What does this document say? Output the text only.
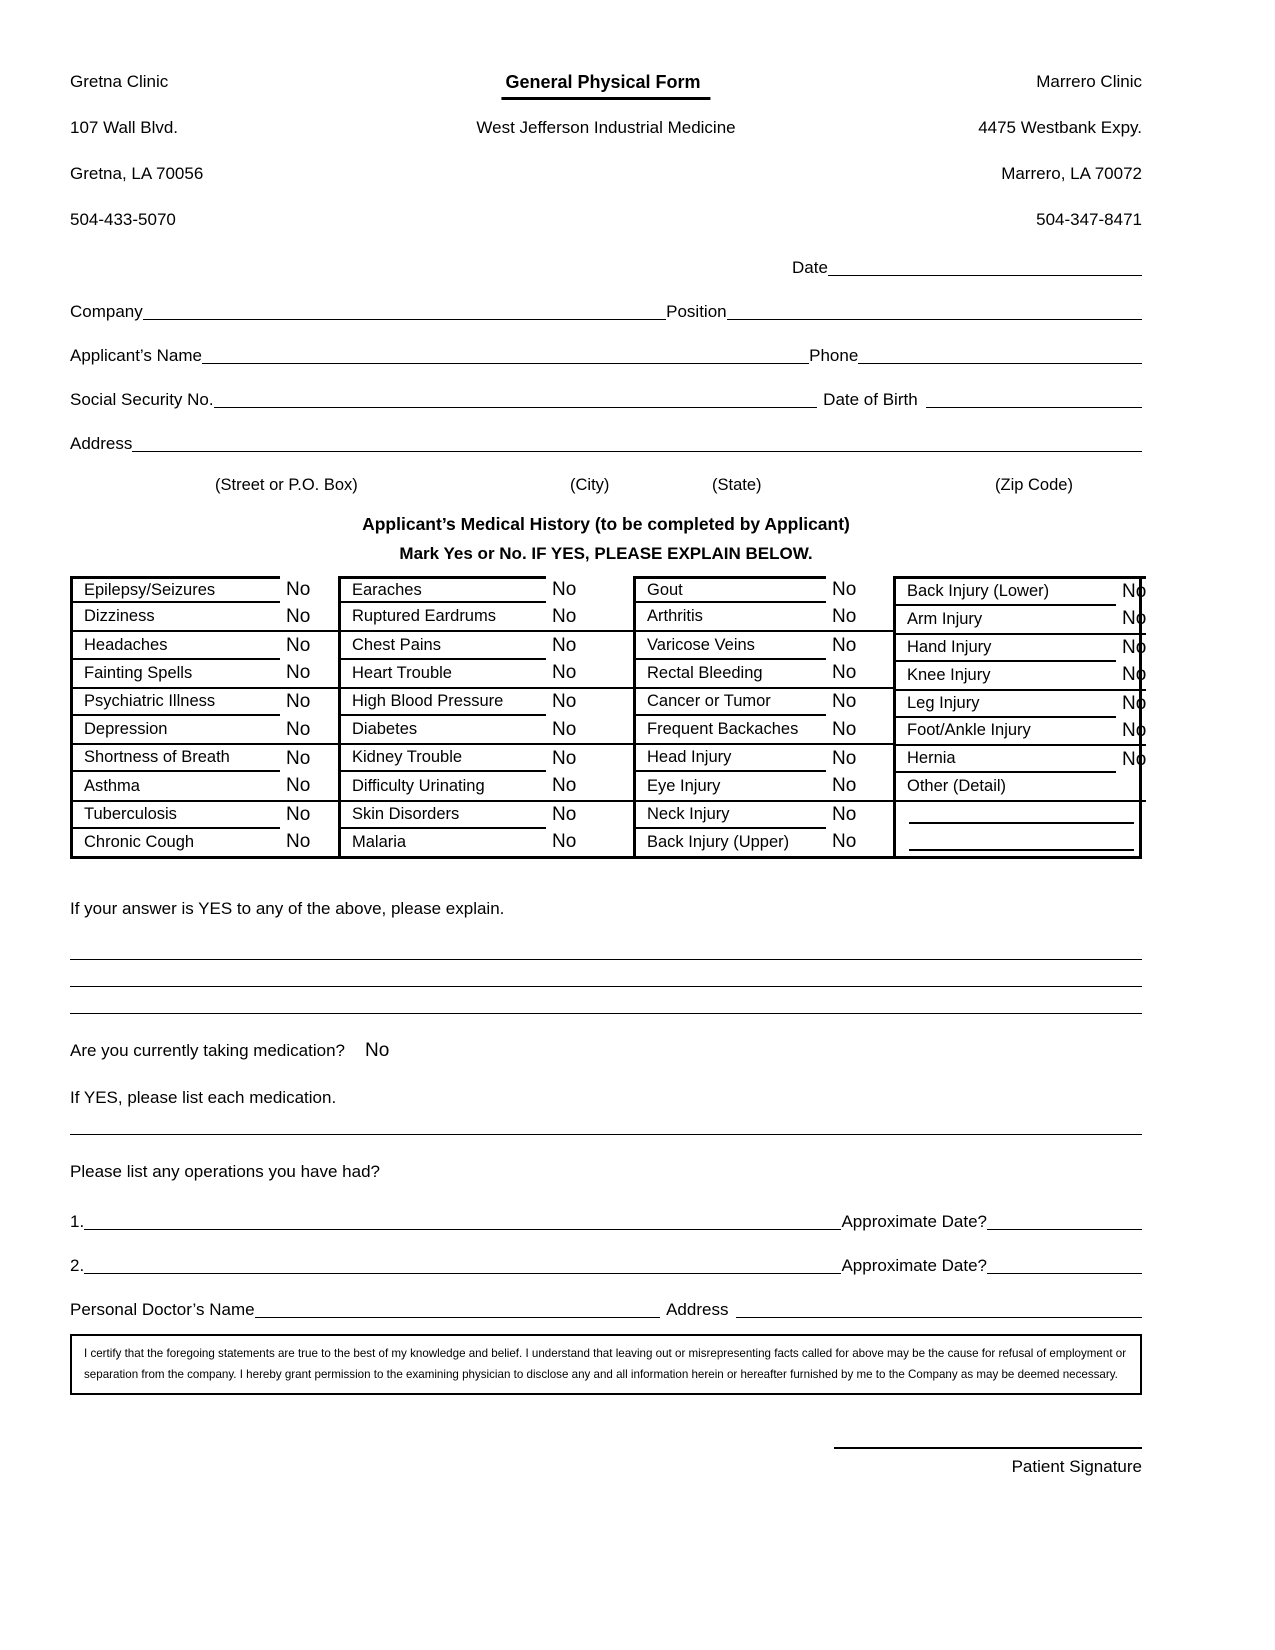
Gretna Clinic	General Physical Form	Marrero Clinic
107 Wall Blvd.	West Jefferson Industrial Medicine	4475 Westbank Expy.
Gretna, LA 70056	Marrero, LA 70072
504-433-5070	504-347-8471
Date
Company	Position
Applicant’s Name	Phone
Social Security No.	Date of Birth
Address
(Street or P.O. Box)	(City)	(State)	(Zip Code)
Applicant’s Medical History (to be completed by Applicant)
Mark Yes or No. IF YES, PLEASE EXPLAIN BELOW.
Epilepsy/Seizures	No
Dizziness	No
Headaches	No
Fainting Spells	No
Psychiatric Illness	No
Depression	No
Shortness of Breath	No
Asthma	No
Tuberculosis	No
Chronic Cough	No
Earaches	No
Ruptured Eardrums	No
Chest Pains	No
Heart Trouble	No
High Blood Pressure	No
Diabetes	No
Kidney Trouble	No
Difficulty Urinating	No
Skin Disorders	No
Malaria	No
Gout	No
Arthritis	No
Varicose Veins	No
Rectal Bleeding	No
Cancer or Tumor	No
Frequent Backaches	No
Head Injury	No
Eye Injury	No
Neck Injury	No
Back Injury (Upper)	No
Back Injury (Lower)	No
Arm Injury	No
Hand Injury	No
Knee Injury	No
Leg Injury	No
Foot/Ankle Injury	No
Hernia	No
Other (Detail)
If your answer is YES to any of the above, please explain.
Are you currently taking medication? No
If YES, please list each medication.
Please list any operations you have had?
1.	Approximate Date?
2.	Approximate Date?
Personal Doctor’s Name	Address
I certify that the foregoing statements are true to the best of my knowledge and belief. I understand that leaving out or misrepresenting facts called for above may be the cause for refusal of employment or separation from the company. I hereby grant permission to the examining physician to disclose any and all information herein or hereafter furnished by me to the Company as may be deemed necessary.
Patient Signature
